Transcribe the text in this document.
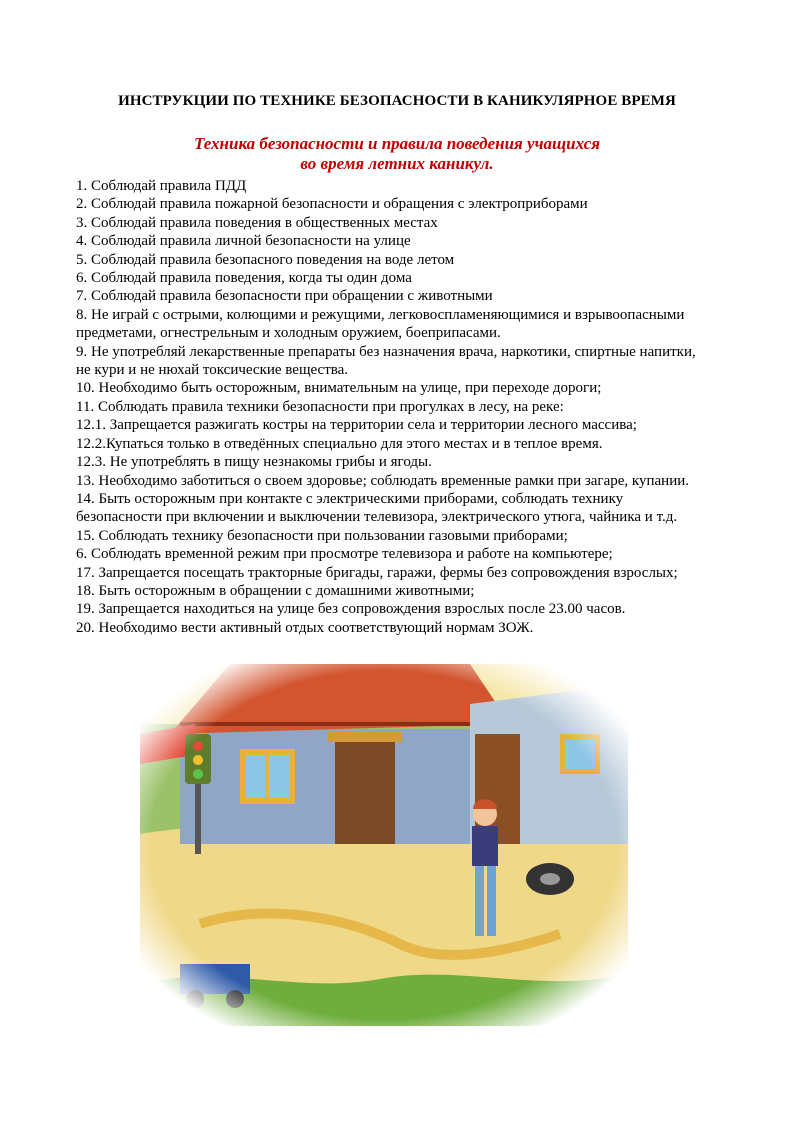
ИНСТРУКЦИИ ПО ТЕХНИКЕ БЕЗОПАСНОСТИ В КАНИКУЛЯРНОЕ ВРЕМЯ
Техника безопасности и правила поведения учащихся
во время летних каникул.
1. Соблюдай правила ПДД
2. Соблюдай правила пожарной безопасности и обращения с электроприборами
3. Соблюдай правила поведения в общественных местах
4. Соблюдай правила личной безопасности на улице
5. Соблюдай правила безопасного поведения на воде летом
6. Соблюдай правила поведения, когда ты один дома
7. Соблюдай правила безопасности при обращении с животными
8. Не играй с острыми, колющими и режущими, легковоспламеняющимися и взрывоопасными
предметами, огнестрельным и холодным оружием, боеприпасами.
9. Не употребляй лекарственные препараты без назначения врача, наркотики, спиртные напитки,
не кури и не нюхай токсические вещества.
10. Необходимо быть осторожным, внимательным на улице, при переходе дороги;
11. Соблюдать правила техники безопасности при прогулках в лесу, на реке:
12.1. Запрещается разжигать костры на территории села и территории лесного массива;
12.2.Купаться только в отведённых специально для этого местах и в теплое время.
12.3. Не употреблять в пищу незнакомы грибы и ягоды.
13. Необходимо заботиться о своем здоровье; соблюдать временные рамки при загаре, купании.
14. Быть осторожным при контакте с электрическими приборами, соблюдать технику
безопасности при включении и выключении телевизора, электрического утюга, чайника и т.д.
15. Соблюдать технику безопасности при пользовании газовыми приборами;
6. Соблюдать временной режим при просмотре телевизора и работе на компьютере;
17. Запрещается посещать тракторные бригады, гаражи, фермы без сопровождения взрослых;
18. Быть осторожным в обращении с домашними животными;
19. Запрещается находиться на улице без сопровождения взрослых после 23.00 часов.
20. Необходимо вести активный отдых соответствующий нормам ЗОЖ.
